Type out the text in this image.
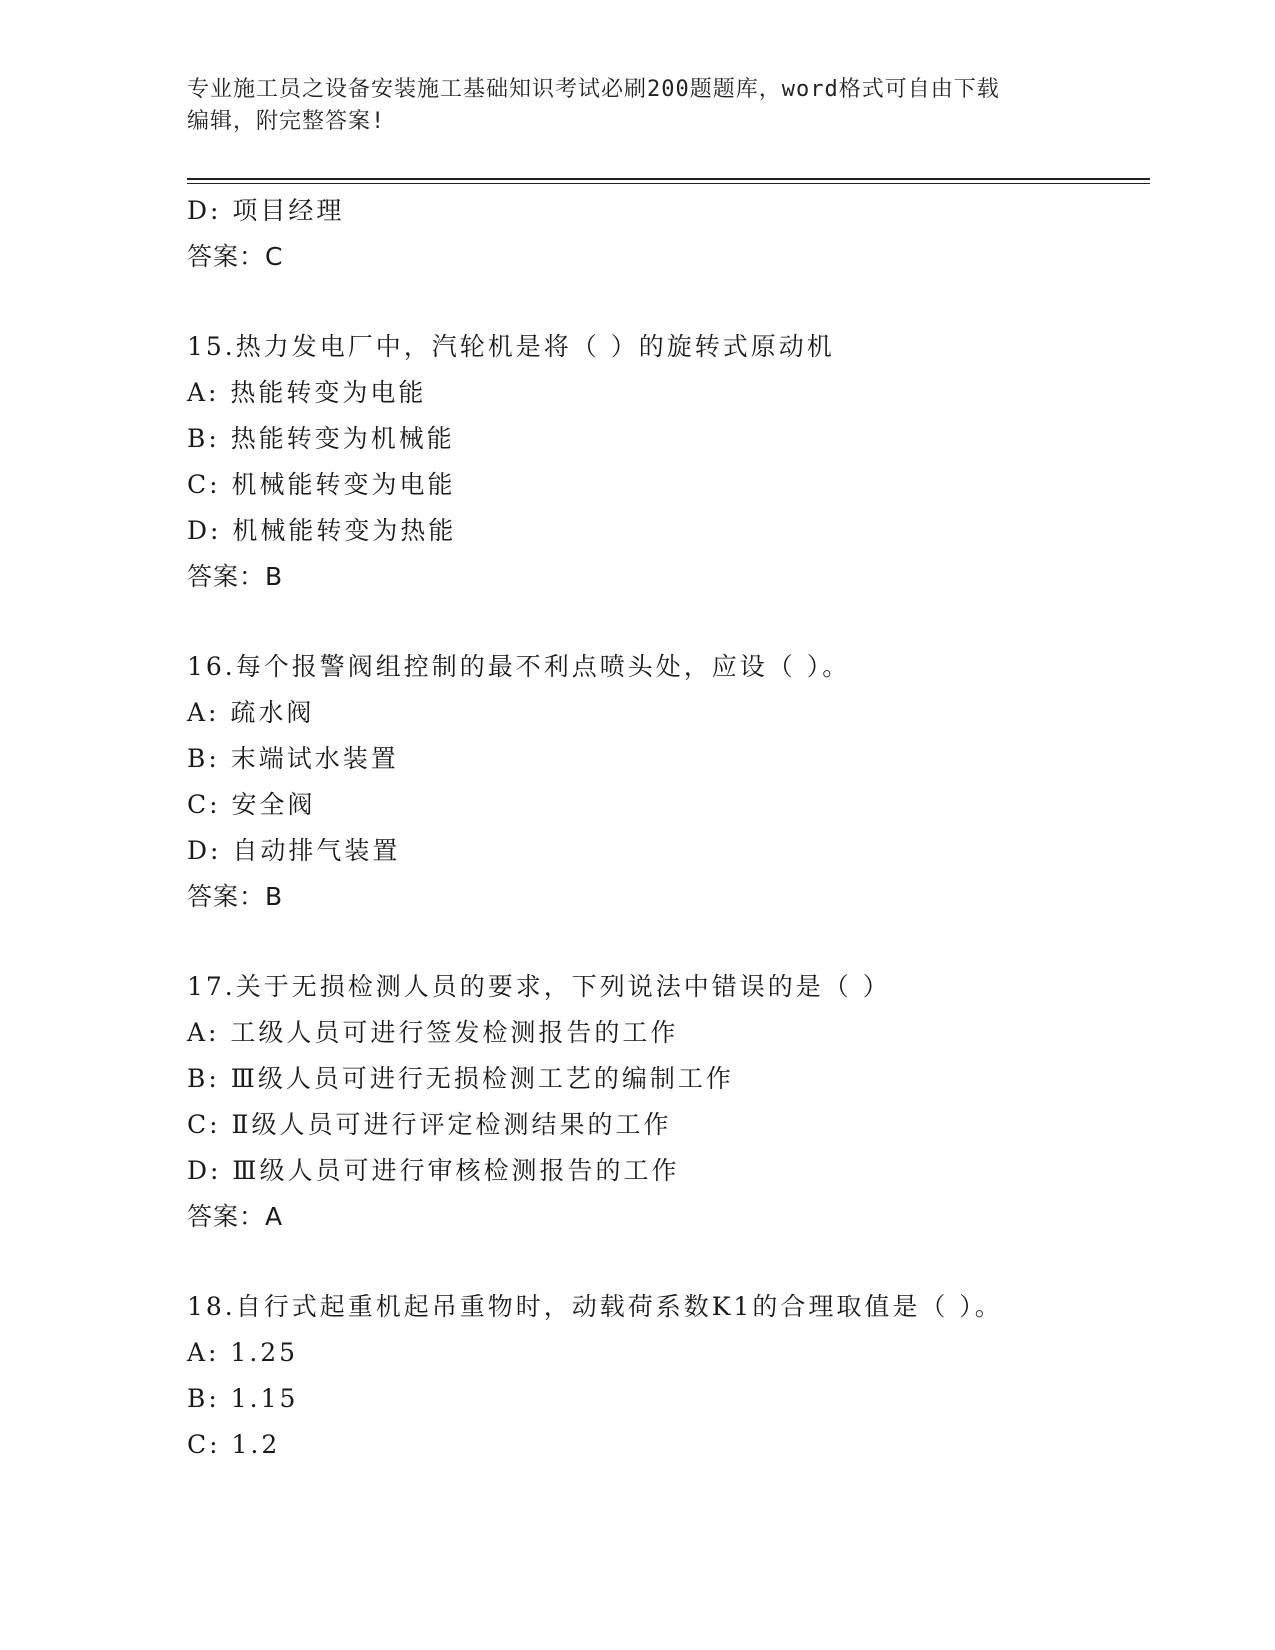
专业施工员之设备安装施工基础知识考试必刷200题题库，word格式可自由下载
编辑，附完整答案!
D: 项目经理
答案：C
15.热力发电厂中，汽轮机是将（ ）的旋转式原动机
A: 热能转变为电能
B: 热能转变为机械能
C: 机械能转变为电能
D: 机械能转变为热能
答案：B
16.每个报警阀组控制的最不利点喷头处，应设（ ）。
A: 疏水阀
B: 末端试水装置
C: 安全阀
D: 自动排气装置
答案：B
17.关于无损检测人员的要求，下列说法中错误的是（ ）
A: 工级人员可进行签发检测报告的工作
B: Ⅲ级人员可进行无损检测工艺的编制工作
C: Ⅱ级人员可进行评定检测结果的工作
D: Ⅲ级人员可进行审核检测报告的工作
答案：A
18.自行式起重机起吊重物时，动载荷系数K1的合理取值是（ ）。
A: 1.25
B: 1.15
C: 1.2
